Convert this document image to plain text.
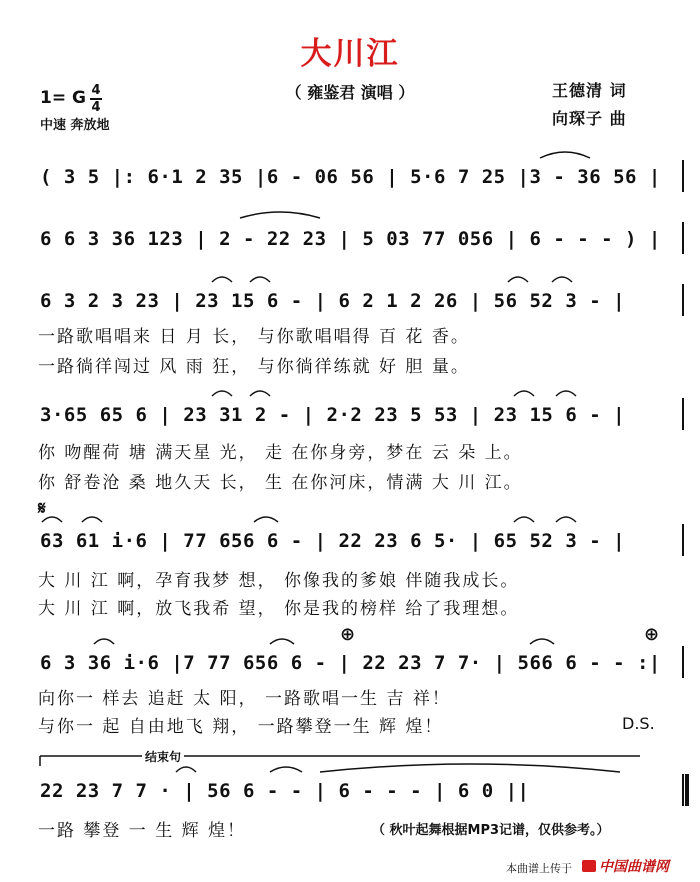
大川江
（ 雍鉴君 演唱 ）	王德清 词
向琛子 曲
1= G 4
4
中速 奔放地
( 3 5 |: 6·1 2 35 |6 - 06 56 | 5·6 7 25 |3 - 36 56 |
6 6 3 36 123 | 2 - 22 23 | 5 03 77 056 | 6 - - - ) |
6 3 2 3 23 | 23 15 6 - | 6 2 1 2 26 | 56 52 3 - |
一路歌唱唱来 日 月 长， 与你歌唱唱得 百 花 香。
一路徜徉闯过 风 雨 狂， 与你徜徉练就 好 胆 量。
3·65 65 6 | 23 31 2 - | 2·2 23 5 53 | 23 15 6 - |
你 吻醒荷 塘 满天星 光， 走 在你身旁，梦在 云 朵 上。
你 舒卷沧 桑 地久天 长， 生 在你河床，情满 大 川 江。
𝄋
63 61 i·6 | 77 656 6 - | 22 23 6 5· | 65 52 3 - |
大 川 江 啊，孕育我梦 想， 你像我的爹娘 伴随我成长。
大 川 江 啊，放飞我希 望， 你是我的榜样 给了我理想。
⊕	⊕
6 3 36 i·6 |7 77 656 6 - | 22 23 7 7· | 566 6 - - :|
向你一 样去 追赶 太 阳， 一路歌唱一生 吉 祥！
与你一 起 自由地飞 翔， 一路攀登一生 辉 煌！	D.S.
结束句
22 23 7 7 · | 56 6 - - | 6 - - - | 6 0 ||
一路 攀登 一 生 辉 煌！	（ 秋叶起舞根据MP3记谱，仅供参考。）
本曲谱上传于	中国曲谱网
